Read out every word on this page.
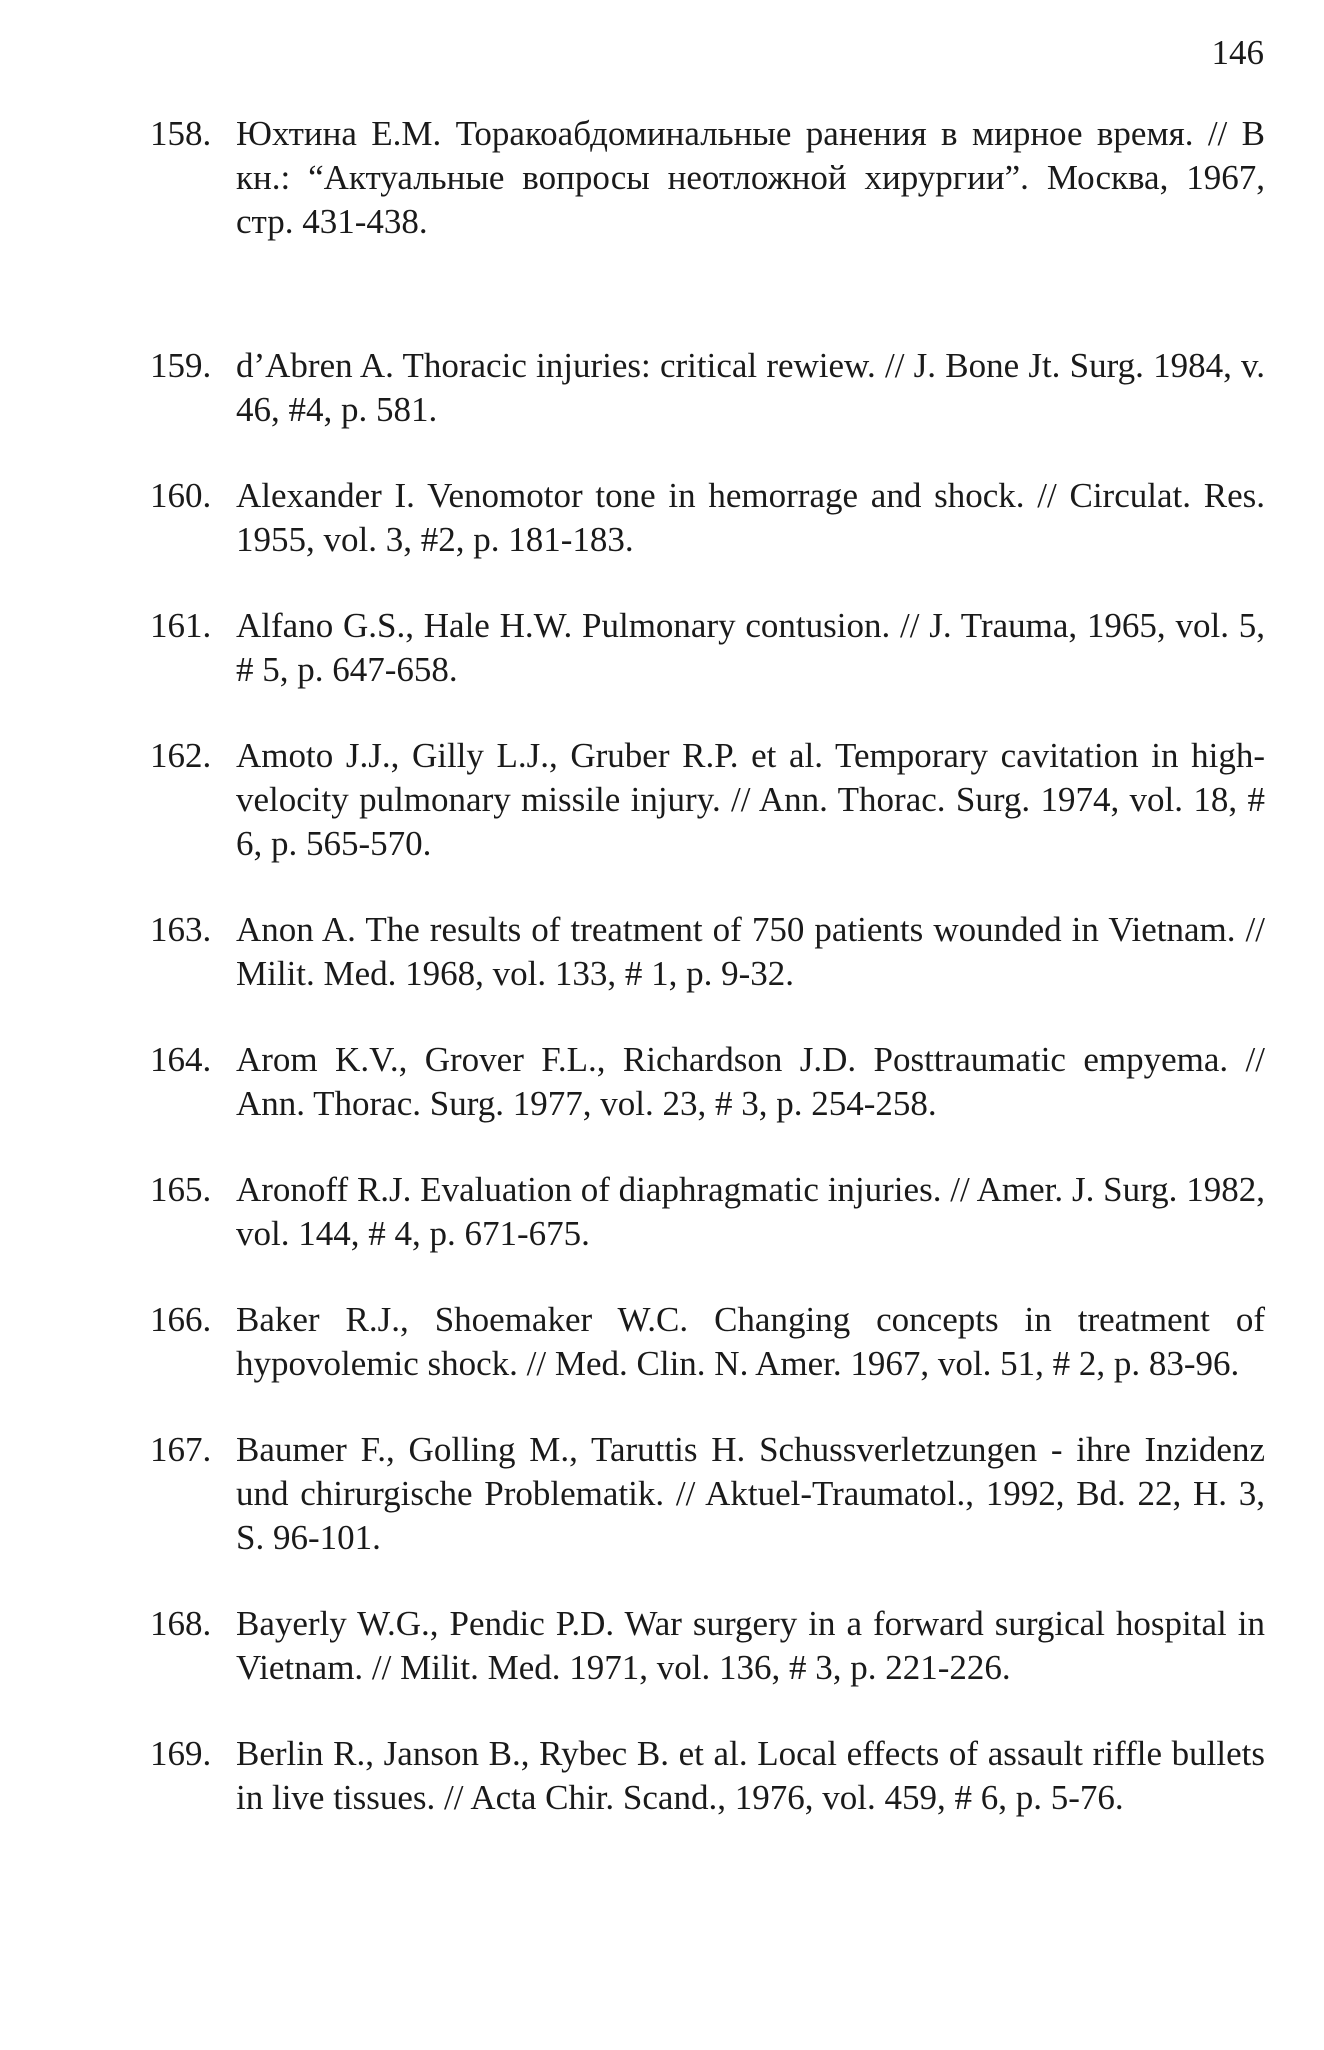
146
158. Юхтина Е.М. Торакоабдоминальные ранения в мирное время. // В кн.: “Актуальные вопросы неотложной хирургии”. Москва, 1967, стр. 431-438.
159. d’Abren A. Thoracic injuries: critical rewiew. // J. Bone Jt. Surg. 1984, v. 46, #4, p. 581.
160. Alexander I. Venomotor tone in hemorrage and shock. // Circulat. Res. 1955, vol. 3, #2, p. 181-183.
161. Alfano G.S., Hale H.W. Pulmonary contusion. // J. Trauma, 1965, vol. 5, # 5, p. 647-658.
162. Amoto J.J., Gilly L.J., Gruber R.P. et al. Temporary cavitation in high-velocity pulmonary missile injury. // Ann. Thorac. Surg. 1974, vol. 18, # 6, p. 565-570.
163. Anon A. The results of treatment of 750 patients wounded in Vietnam. // Milit. Med. 1968, vol. 133, # 1, p. 9-32.
164. Arom K.V., Grover F.L., Richardson J.D. Posttraumatic empyema. // Ann. Thorac. Surg. 1977, vol. 23, # 3, p. 254-258.
165. Aronoff R.J. Evaluation of diaphragmatic injuries. // Amer. J. Surg. 1982, vol. 144, # 4, p. 671-675.
166. Baker R.J., Shoemaker W.C. Changing concepts in treatment of hypovolemic shock. // Med. Clin. N. Amer. 1967, vol. 51, # 2, p. 83-96.
167. Baumer F., Golling M., Taruttis H. Schussverletzungen - ihre Inzidenz und chirurgische Problematik. // Aktuel-Traumatol., 1992, Bd. 22, H. 3, S. 96-101.
168. Bayerly W.G., Pendic P.D. War surgery in a forward surgical hospital in Vietnam. // Milit. Med. 1971, vol. 136, # 3, p. 221-226.
169. Berlin R., Janson B., Rybec B. et al. Local effects of assault riffle bullets in live tissues. // Acta Chir. Scand., 1976, vol. 459, # 6, p. 5-76.
